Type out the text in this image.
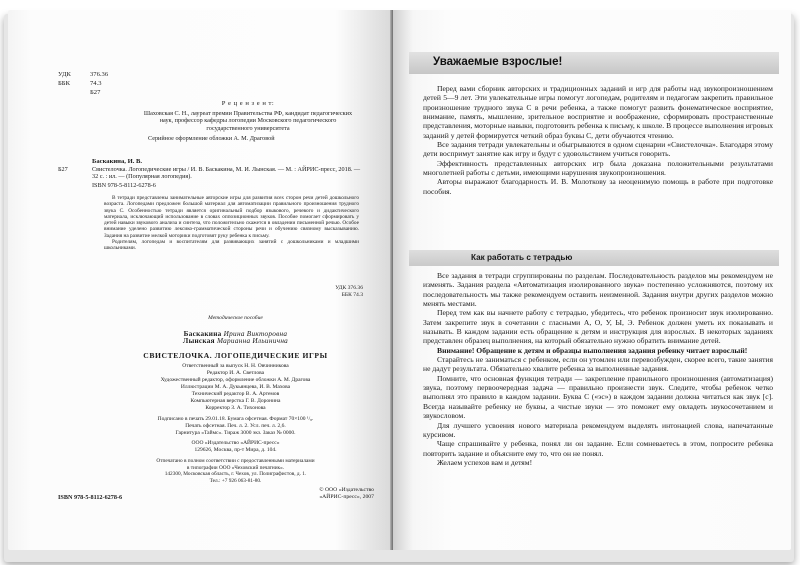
УДК	376.36
ББК	74.3
Б27
Р е ц е н з е н т:
Шаховская С. Н., лауреат премии Правительства РФ, кандидат педагогических наук, профессор кафедры логопедии Московского педагогического государственного университета
Серийное оформление обложки А. М. Драговой
Баскакина, И. В.
Б27	Свистелочка. Логопедические игры / И. В. Баскакина, М. И. Лынская. — М. : АЙРИС-пресс, 2018. — 32 с. : ил. — (Популярная логопедия).
ISBN 978-5-8112-6278-6

В тетради представлены занимательные авторские игры для развития всех сторон речи детей дошкольного возраста. Логопедами предложен большой материал для автоматизации правильного произношения трудного звука С. Особенностью тетради является оригинальный подбор языкового, речевого и дидактического материала, исключающий использование в словах оппозиционных звуков. Пособие помогает сформировать у детей навыки звукового анализа и синтеза, что положительно скажется в овладении письменной речью. Особое внимание уделено развитию лексико-грамматической стороны речи и обучению связному высказыванию. Задания на развитие мелкой моторики подготовят руку ребенка к письму.

Родителям, логопедам и воспитателям для развивающих занятий с дошкольниками и младшими школьниками.

УДК 376.36
ББК 74.3
Методическое пособие
Баскакина Ирина Викторовна
Лынская Марианна Ильинична
СВИСТЕЛОЧКА. ЛОГОПЕДИЧЕСКИЕ ИГРЫ
Ответственный за выпуск Н. Н. Овчинникова
Редактор И. А. Светлова
Художественный редактор, оформление обложки А. М. Драгова
Иллюстрации М. А. Дукьянцева, И. В. Махова
Технический редактор В. А. Артемов
Компьютерная верстка Г. В. Доронина
Корректор З. А. Тихонова
Подписано в печать 29.01.18. Бумага офсетная. Формат 70×100 ¹/₈.
Печать офсетная. Печ. л. 2. Усл. печ. л. 2,6.
Гарнитура «Таймс». Тираж 3000 экз. Заказ № 0000.
ООО «Издательство «АЙРИС-пресс»
129626, Москва, пр-т Мира, д. 104.
Отпечатано в полном соответствии с предоставленными материалами
в типографии ООО «Чеховский печатник».
142300, Московская область, г. Чехов, ул. Полиграфистов, д. 1.
Тел.: +7 926 063-81-80.
ISBN 978-5-8112-6278-6
© ООО «Издательство
«АЙРИС-пресс», 2007
Уважаемые взрослые!

Перед вами сборник авторских и традиционных заданий и игр для работы над звукопроизношением детей 5—9 лет. Эти увлекательные игры помогут логопедам, родителям и педагогам закрепить правильное произношение трудного звука С в речи ребенка, а также помогут развить фонематическое восприятие, внимание, память, мышление, зрительное восприятие и воображение, сформировать пространственные представления, моторные навыки, подготовить ребенка к письму, к школе. В процессе выполнения игровых заданий у детей формируется четкий образ буквы С, дети обучаются чтению.

Все задания тетради увлекательны и обыгрываются в одном сценарии «Свистелочка». Благодаря этому дети воспримут занятие как игру и будут с удовольствием учиться говорить.

Эффективность представленных авторских игр была доказана положительными результатами многолетней работы с детьми, имеющими нарушения звукопроизношения.

Авторы выражают благодарность И. В. Молоткову за неоценимую помощь в работе при подготовке пособия.

Как работать с тетрадью

Все задания в тетради сгруппированы по разделам. Последовательность разделов мы рекомендуем не изменять. Задания раздела «Автоматизация изолированного звука» постепенно усложняются, поэтому их последовательность мы также рекомендуем оставить неизменной. Задания внутри других разделов можно менять местами.

Перед тем как вы начнете работу с тетрадью, убедитесь, что ребенок произносит звук изолированно. Затем закрепите звук в сочетании с гласными А, О, У, Ы, Э. Ребенок должен уметь их показывать и называть. В каждом задании есть обращение к детям и инструкция для взрослых. В некоторых заданиях представлен образец выполнения, на который обязательно нужно обратить внимание детей.

Внимание! Обращение к детям и образцы выполнения задания ребенку читает взрослый!

Старайтесь не заниматься с ребенком, если он утомлен или перевозбужден, скорее всего, такие занятия не дадут результата. Обязательно хвалите ребенка за выполненные задания.

Помните, что основная функция тетради — закрепление правильного произношения (автоматизация) звука, поэтому первоочередная задача — правильно произнести звук. Следите, чтобы ребенок четко выполнял это правило в каждом задании. Буква С («эс») в каждом задании должна читаться как звук [с]. Всегда называйте ребенку не буквы, а чистые звуки — это поможет ему овладеть звукосочетанием и звукословом.

Для лучшего усвоения нового материала рекомендуем выделять интонацией слова, напечатанные курсивом.

Чаще спрашивайте у ребенка, понял ли он задание. Если сомневаетесь в этом, попросите ребенка повторить задание и объясните ему то, что он не понял.

Желаем успехов вам и детям!
